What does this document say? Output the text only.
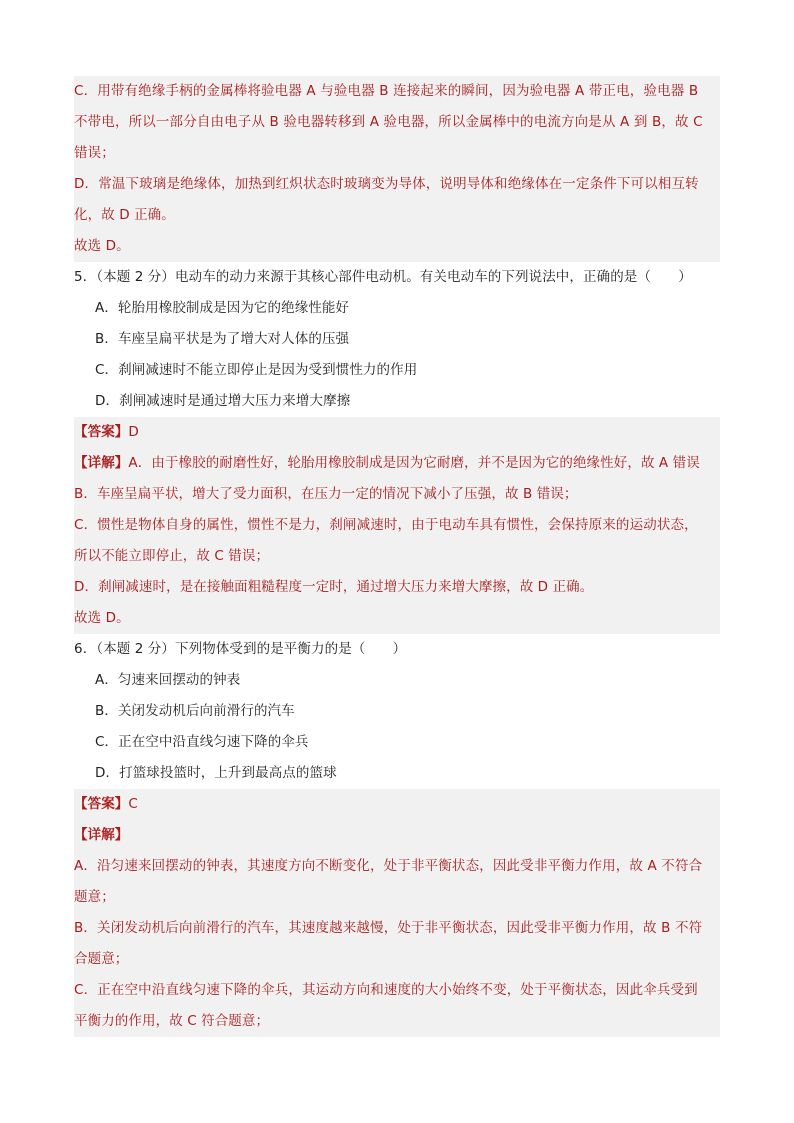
C．用带有绝缘手柄的金属棒将验电器 A 与验电器 B 连接起来的瞬间，因为验电器 A 带正电，验电器 B
不带电，所以一部分自由电子从 B 验电器转移到 A 验电器，所以金属棒中的电流方向是从 A 到 B，故 C
错误；
D．常温下玻璃是绝缘体，加热到红炽状态时玻璃变为导体，说明导体和绝缘体在一定条件下可以相互转
化，故 D 正确。
故选 D。
5．（本题 2 分）电动车的动力来源于其核心部件电动机。有关电动车的下列说法中，正确的是（　　）
A．轮胎用橡胶制成是因为它的绝缘性能好
B．车座呈扁平状是为了增大对人体的压强
C．刹闸减速时不能立即停止是因为受到惯性力的作用
D．刹闸减速时是通过增大压力来增大摩擦
【答案】D
【详解】A．由于橡胶的耐磨性好，轮胎用橡胶制成是因为它耐磨，并不是因为它的绝缘性好，故 A 错误
B．车座呈扁平状，增大了受力面积，在压力一定的情况下减小了压强，故 B 错误；
C．惯性是物体自身的属性，惯性不是力，刹闸减速时，由于电动车具有惯性，会保持原来的运动状态，
所以不能立即停止，故 C 错误；
D．刹闸减速时，是在接触面粗糙程度一定时，通过增大压力来增大摩擦，故 D 正确。
故选 D。
6．（本题 2 分）下列物体受到的是平衡力的是（　　）
A．匀速来回摆动的钟表
B．关闭发动机后向前滑行的汽车
C．正在空中沿直线匀速下降的伞兵
D．打篮球投篮时，上升到最高点的篮球
【答案】C
【详解】
A．沿匀速来回摆动的钟表，其速度方向不断变化，处于非平衡状态，因此受非平衡力作用，故 A 不符合
题意；
B．关闭发动机后向前滑行的汽车，其速度越来越慢，处于非平衡状态，因此受非平衡力作用，故 B 不符
合题意；
C．正在空中沿直线匀速下降的伞兵，其运动方向和速度的大小始终不变，处于平衡状态，因此伞兵受到
平衡力的作用，故 C 符合题意；
